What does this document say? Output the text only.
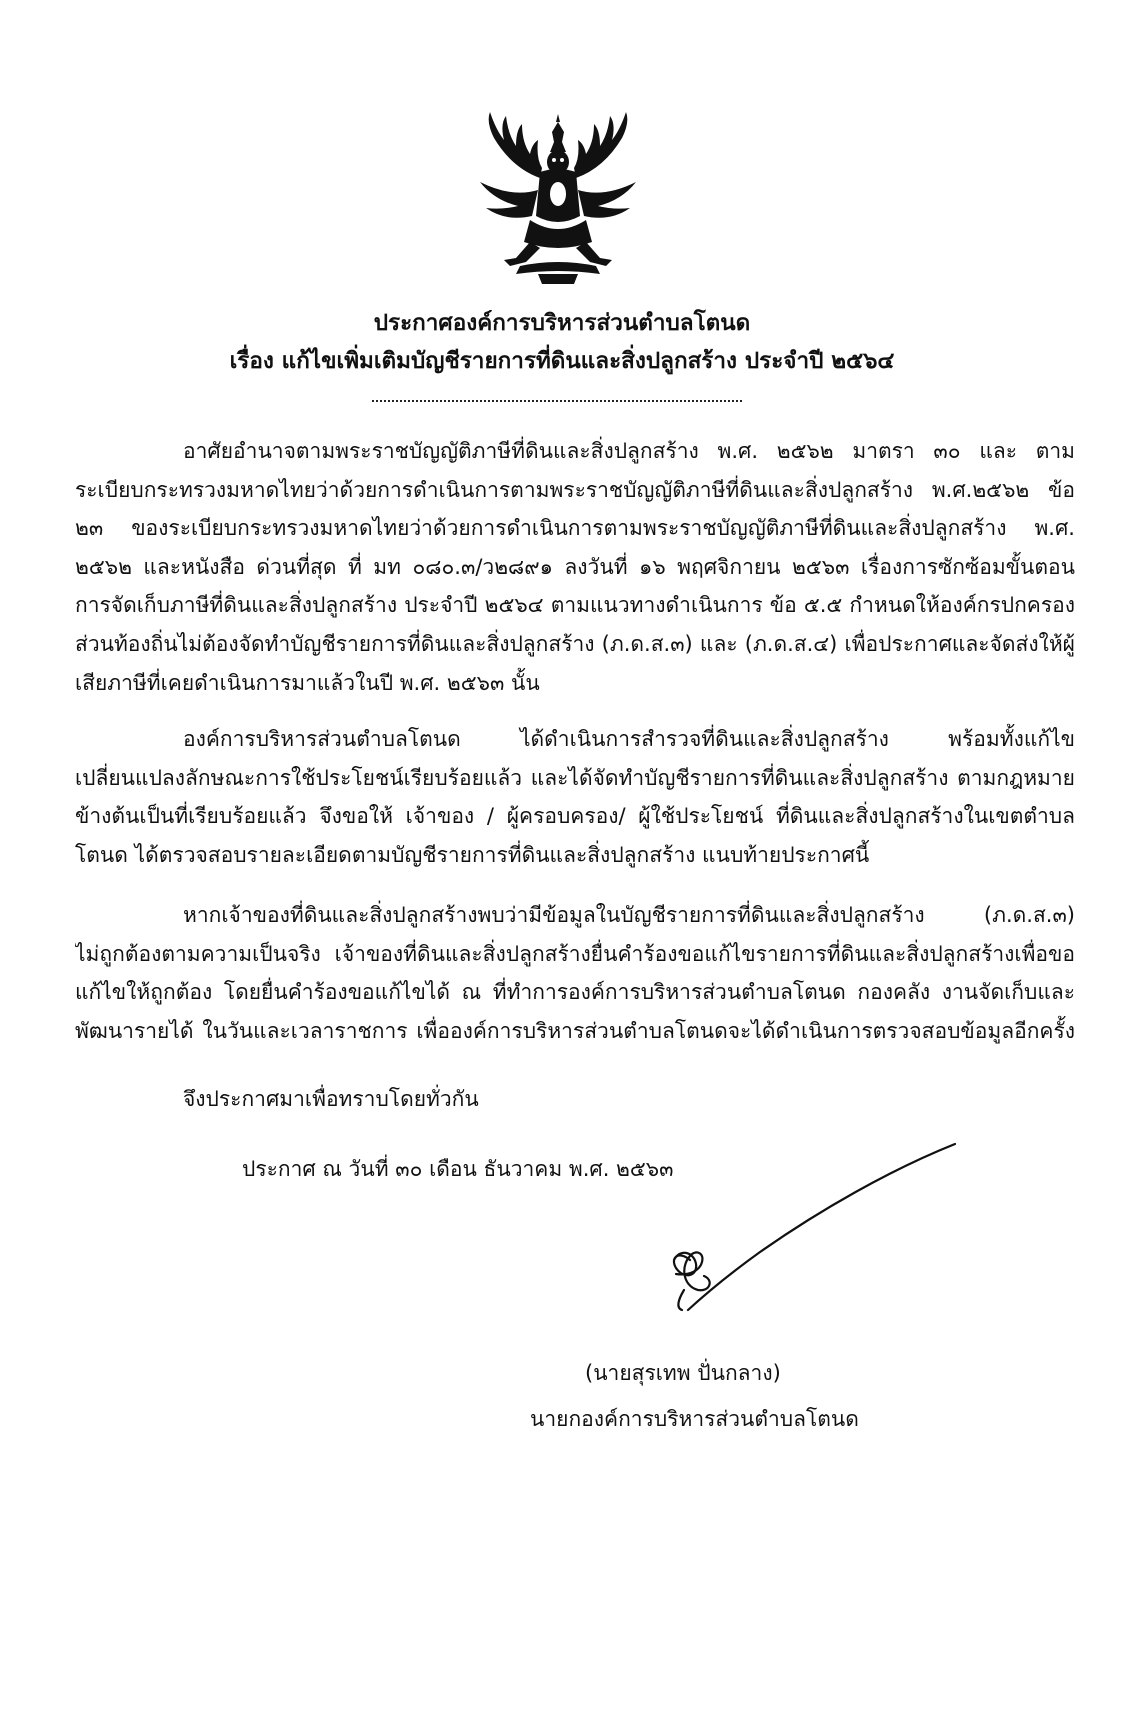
ประกาศองค์การบริหารส่วนตำบลโตนด
เรื่อง แก้ไขเพิ่มเติมบัญชีรายการที่ดินและสิ่งปลูกสร้าง ประจำปี ๒๕๖๔
อาศัยอำนาจตามพระราชบัญญัติภาษีที่ดินและสิ่งปลูกสร้าง พ.ศ. ๒๕๖๒ มาตรา ๓๐ และ ตาม
ระเบียบกระทรวงมหาดไทยว่าด้วยการดำเนินการตามพระราชบัญญัติภาษีที่ดินและสิ่งปลูกสร้าง พ.ศ.๒๕๖๒ ข้อ
๒๓ ของระเบียบกระทรวงมหาดไทยว่าด้วยการดำเนินการตามพระราชบัญญัติภาษีที่ดินและสิ่งปลูกสร้าง พ.ศ.
๒๕๖๒ และหนังสือ ด่วนที่สุด ที่ มท ๐๘๐.๓/ว๒๘๙๑ ลงวันที่ ๑๖ พฤศจิกายน ๒๕๖๓ เรื่องการซักซ้อมขั้นตอน
การจัดเก็บภาษีที่ดินและสิ่งปลูกสร้าง ประจำปี ๒๕๖๔ ตามแนวทางดำเนินการ ข้อ ๕.๕ กำหนดให้องค์กรปกครอง
ส่วนท้องถิ่นไม่ต้องจัดทำบัญชีรายการที่ดินและสิ่งปลูกสร้าง (ภ.ด.ส.๓) และ (ภ.ด.ส.๔) เพื่อประกาศและจัดส่งให้ผู้
เสียภาษีที่เคยดำเนินการมาแล้วในปี พ.ศ. ๒๕๖๓ นั้น
องค์การบริหารส่วนตำบลโตนด ได้ดำเนินการสำรวจที่ดินและสิ่งปลูกสร้าง พร้อมทั้งแก้ไข
เปลี่ยนแปลงลักษณะการใช้ประโยชน์เรียบร้อยแล้ว และได้จัดทำบัญชีรายการที่ดินและสิ่งปลูกสร้าง ตามกฎหมาย
ข้างต้นเป็นที่เรียบร้อยแล้ว จึงขอให้ เจ้าของ / ผู้ครอบครอง/ ผู้ใช้ประโยชน์ ที่ดินและสิ่งปลูกสร้างในเขตตำบล
โตนด ได้ตรวจสอบรายละเอียดตามบัญชีรายการที่ดินและสิ่งปลูกสร้าง แนบท้ายประกาศนี้
หากเจ้าของที่ดินและสิ่งปลูกสร้างพบว่ามีข้อมูลในบัญชีรายการที่ดินและสิ่งปลูกสร้าง (ภ.ด.ส.๓)
ไม่ถูกต้องตามความเป็นจริง เจ้าของที่ดินและสิ่งปลูกสร้างยื่นคำร้องขอแก้ไขรายการที่ดินและสิ่งปลูกสร้างเพื่อขอ
แก้ไขให้ถูกต้อง โดยยื่นคำร้องขอแก้ไขได้ ณ ที่ทำการองค์การบริหารส่วนตำบลโตนด กองคลัง งานจัดเก็บและ
พัฒนารายได้ ในวันและเวลาราชการ เพื่อองค์การบริหารส่วนตำบลโตนดจะได้ดำเนินการตรวจสอบข้อมูลอีกครั้ง
จึงประกาศมาเพื่อทราบโดยทั่วกัน
ประกาศ ณ วันที่ ๓๐ เดือน ธันวาคม พ.ศ. ๒๕๖๓
(นายสุรเทพ ปั่นกลาง)
นายกองค์การบริหารส่วนตำบลโตนด
